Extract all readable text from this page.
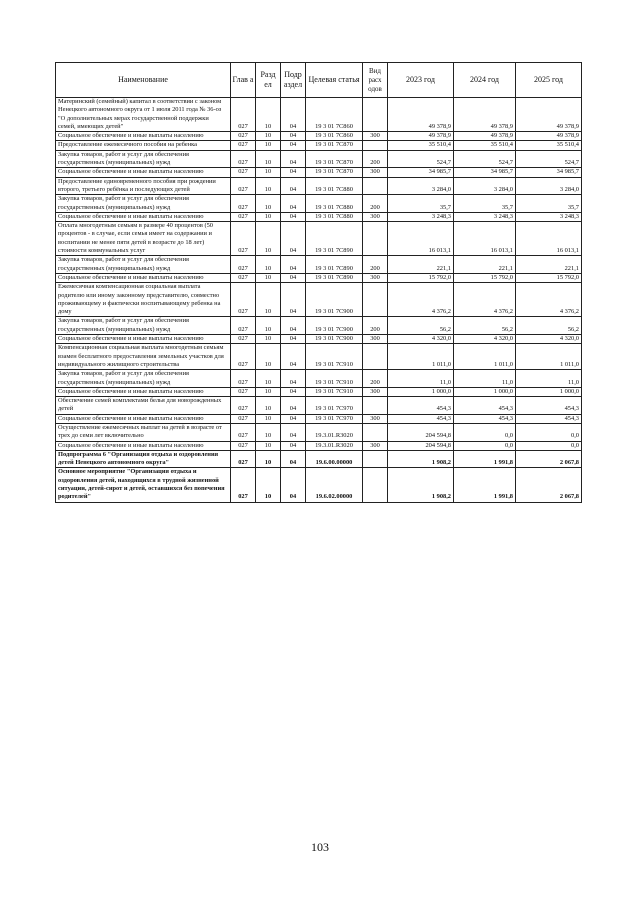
Наименование	Глав а	Разд ел	Подр аздел	Целевая статья	Вид расх одов	2023 год	2024 год	2025 год
Материнский (семейный) капитал в соответствии с законом Ненецкого автономного округа от 1 июля 2011 года № 36-оз "О дополнительных мерах государственной поддержки семей, имеющих детей"	027	10	04	19 3 01 7С860		49 378,9	49 378,9	49 378,9
Социальное обеспечение и иные выплаты населению	027	10	04	19 3 01 7С860	300	49 378,9	49 378,9	49 378,9
Предоставление ежемесячного пособия на ребенка	027	10	04	19 3 01 7С870		35 510,4	35 510,4	35 510,4
Закупка товаров, работ и услуг для обеспечения государственных (муниципальных) нужд	027	10	04	19 3 01 7С870	200	524,7	524,7	524,7
Социальное обеспечение и иные выплаты населению	027	10	04	19 3 01 7С870	300	34 985,7	34 985,7	34 985,7
Предоставление единовременного пособия при рождении второго, третьего ребёнка и последующих детей	027	10	04	19 3 01 7С880		3 284,0	3 284,0	3 284,0
Закупка товаров, работ и услуг для обеспечения государственных (муниципальных) нужд	027	10	04	19 3 01 7С880	200	35,7	35,7	35,7
Социальное обеспечение и иные выплаты населению	027	10	04	19 3 01 7С880	300	3 248,3	3 248,3	3 248,3
Оплата многодетным семьям в размере 40 процентов (50 процентов - в случае, если семья имеет на содержании и воспитании не менее пяти детей в возрасте до 18 лет) стоимости коммунальных услуг	027	10	04	19 3 01 7С890		16 013,1	16 013,1	16 013,1
Закупка товаров, работ и услуг для обеспечения государственных (муниципальных) нужд	027	10	04	19 3 01 7С890	200	221,1	221,1	221,1
Социальное обеспечение и иные выплаты населению	027	10	04	19 3 01 7С890	300	15 792,0	15 792,0	15 792,0
Ежемесячная компенсационная социальная выплата родителю или иному законному представителю, совместно проживающему и фактически воспитывающему ребенка на дому	027	10	04	19 3 01 7С900		4 376,2	4 376,2	4 376,2
Закупка товаров, работ и услуг для обеспечения государственных (муниципальных) нужд	027	10	04	19 3 01 7С900	200	56,2	56,2	56,2
Социальное обеспечение и иные выплаты населению	027	10	04	19 3 01 7С900	300	4 320,0	4 320,0	4 320,0
Компенсационная социальная выплата многодетным семьям взамен бесплатного предоставления земельных участков для индивидуального жилищного строительства	027	10	04	19 3 01 7С910		1 011,0	1 011,0	1 011,0
Закупка товаров, работ и услуг для обеспечения государственных (муниципальных) нужд	027	10	04	19 3 01 7С910	200	11,0	11,0	11,0
Социальное обеспечение и иные выплаты населению	027	10	04	19 3 01 7С910	300	1 000,0	1 000,0	1 000,0
Обеспечение семей комплектами белья для новорожденных детей	027	10	04	19 3 01 7С970		454,3	454,3	454,3
Социальное обеспечение и иные выплаты населению	027	10	04	19 3 01 7С970	300	454,3	454,3	454,3
Осуществление ежемесячных выплат на детей в возрасте от трех до семи лет включительно	027	10	04	19.3.01.R3020		204 594,8	0,0	0,0
Социальное обеспечение и иные выплаты населению	027	10	04	19.3.01.R3020	300	204 594,8	0,0	0,0
Подпрограмма 6 "Организация отдыха и оздоровления детей Ненецкого автономного округа"	027	10	04	19.6.00.00000		1 908,2	1 991,8	2 067,8
Основное мероприятие "Организация отдыха и оздоровления детей, находящихся в трудной жизненной ситуации, детей-сирот и детей, оставшихся без попечения родителей"	027	10	04	19.6.02.00000		1 908,2	1 991,8	2 067,8
103
